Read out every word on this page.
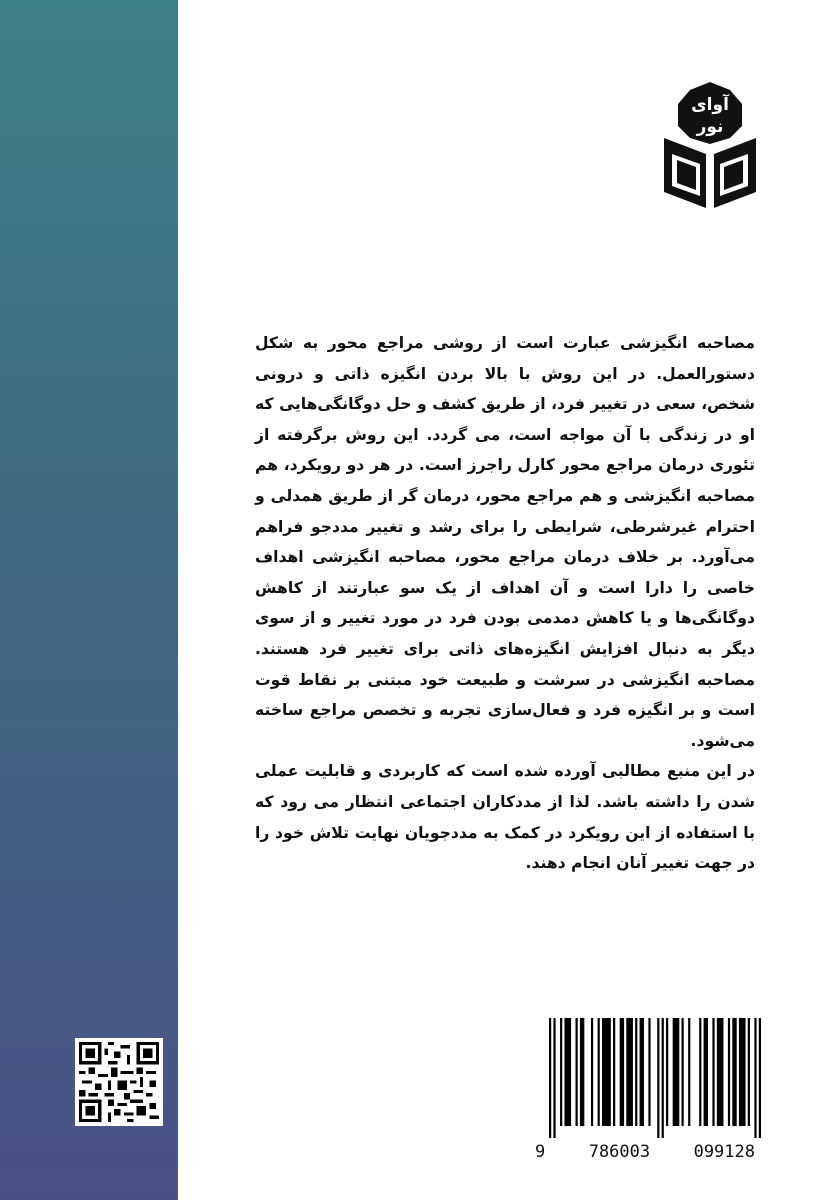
آوای
نور

مصاحبه انگیزشی عبارت است از روشی مراجع محور به شکل دستورالعمل. در این روش با بالا بردن انگیزه ذاتی و درونی شخص، سعی در تغییر فرد، از طریق کشف و حل دوگانگی‌هایی که او در زندگی با آن مواجه است، می گردد. این روش برگرفته از تئوری درمان مراجع محور کارل راجرز است. در هر دو رویکرد، هم مصاحبه انگیزشی و هم مراجع محور، درمان گر از طریق همدلی و احترام غیرشرطی، شرایطی را برای رشد و تغییر مددجو فراهم می‌آورد. بر خلاف درمان مراجع محور، مصاحبه انگیزشی اهداف خاصی را دارا است و آن اهداف از یک سو عبارتند از کاهش دوگانگی‌ها و یا کاهش دمدمی بودن فرد در مورد تغییر و از سوی دیگر به دنبال افزایش انگیزه‌های ذاتی برای تغییر فرد هستند. مصاحبه انگیزشی در سرشت و طبیعت خود مبتنی بر نقاط قوت است و بر انگیزه فرد و فعال‌سازی تجربه و تخصص مراجع ساخته می‌شود.

در این منبع مطالبی آورده شده است که کاربردی و قابلیت عملی شدن را داشته باشد. لذا از مددکاران اجتماعی انتظار می رود که با استفاده از این رویکرد در کمک به مددجویان نهایت تلاش خود را در جهت تغییر آنان انجام دهند.

9	786003	099128
